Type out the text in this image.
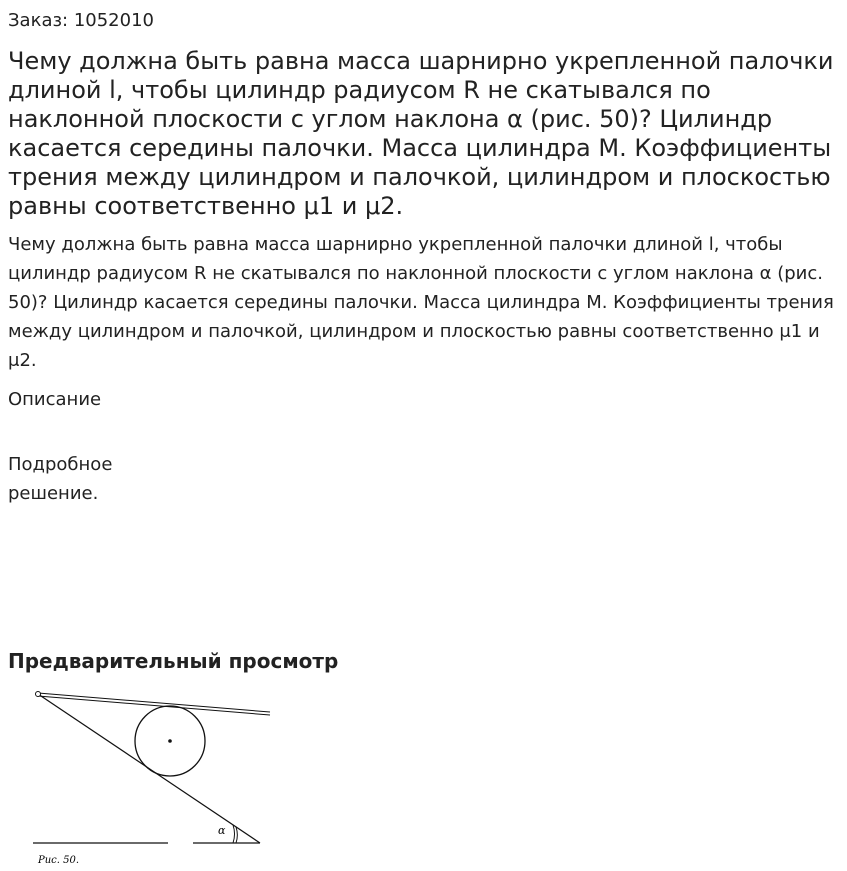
Заказ: 1052010
Чему должна быть равна масса шарнирно укрепленной палочки длиной l, чтобы цилиндр радиусом R не скатывался по наклонной плоскости с углом наклона α (рис. 50)? Цилиндр касается середины палочки. Масса цилиндра М. Коэффициенты трения между цилиндром и палочкой, цилиндром и плоскостью равны соответственно μ1 и μ2.

Чему должна быть равна масса шарнирно укрепленной палочки длиной l, чтобы цилиндр радиусом R не скатывался по наклонной плоскости с углом наклона α (рис. 50)? Цилиндр касается середины палочки. Масса цилиндра М. Коэффициенты трения между цилиндром и палочкой, цилиндром и плоскостью равны соответственно μ1 и μ2.

Описание
Подробное решение.
Предварительный просмотр
α
Рис. 50.
